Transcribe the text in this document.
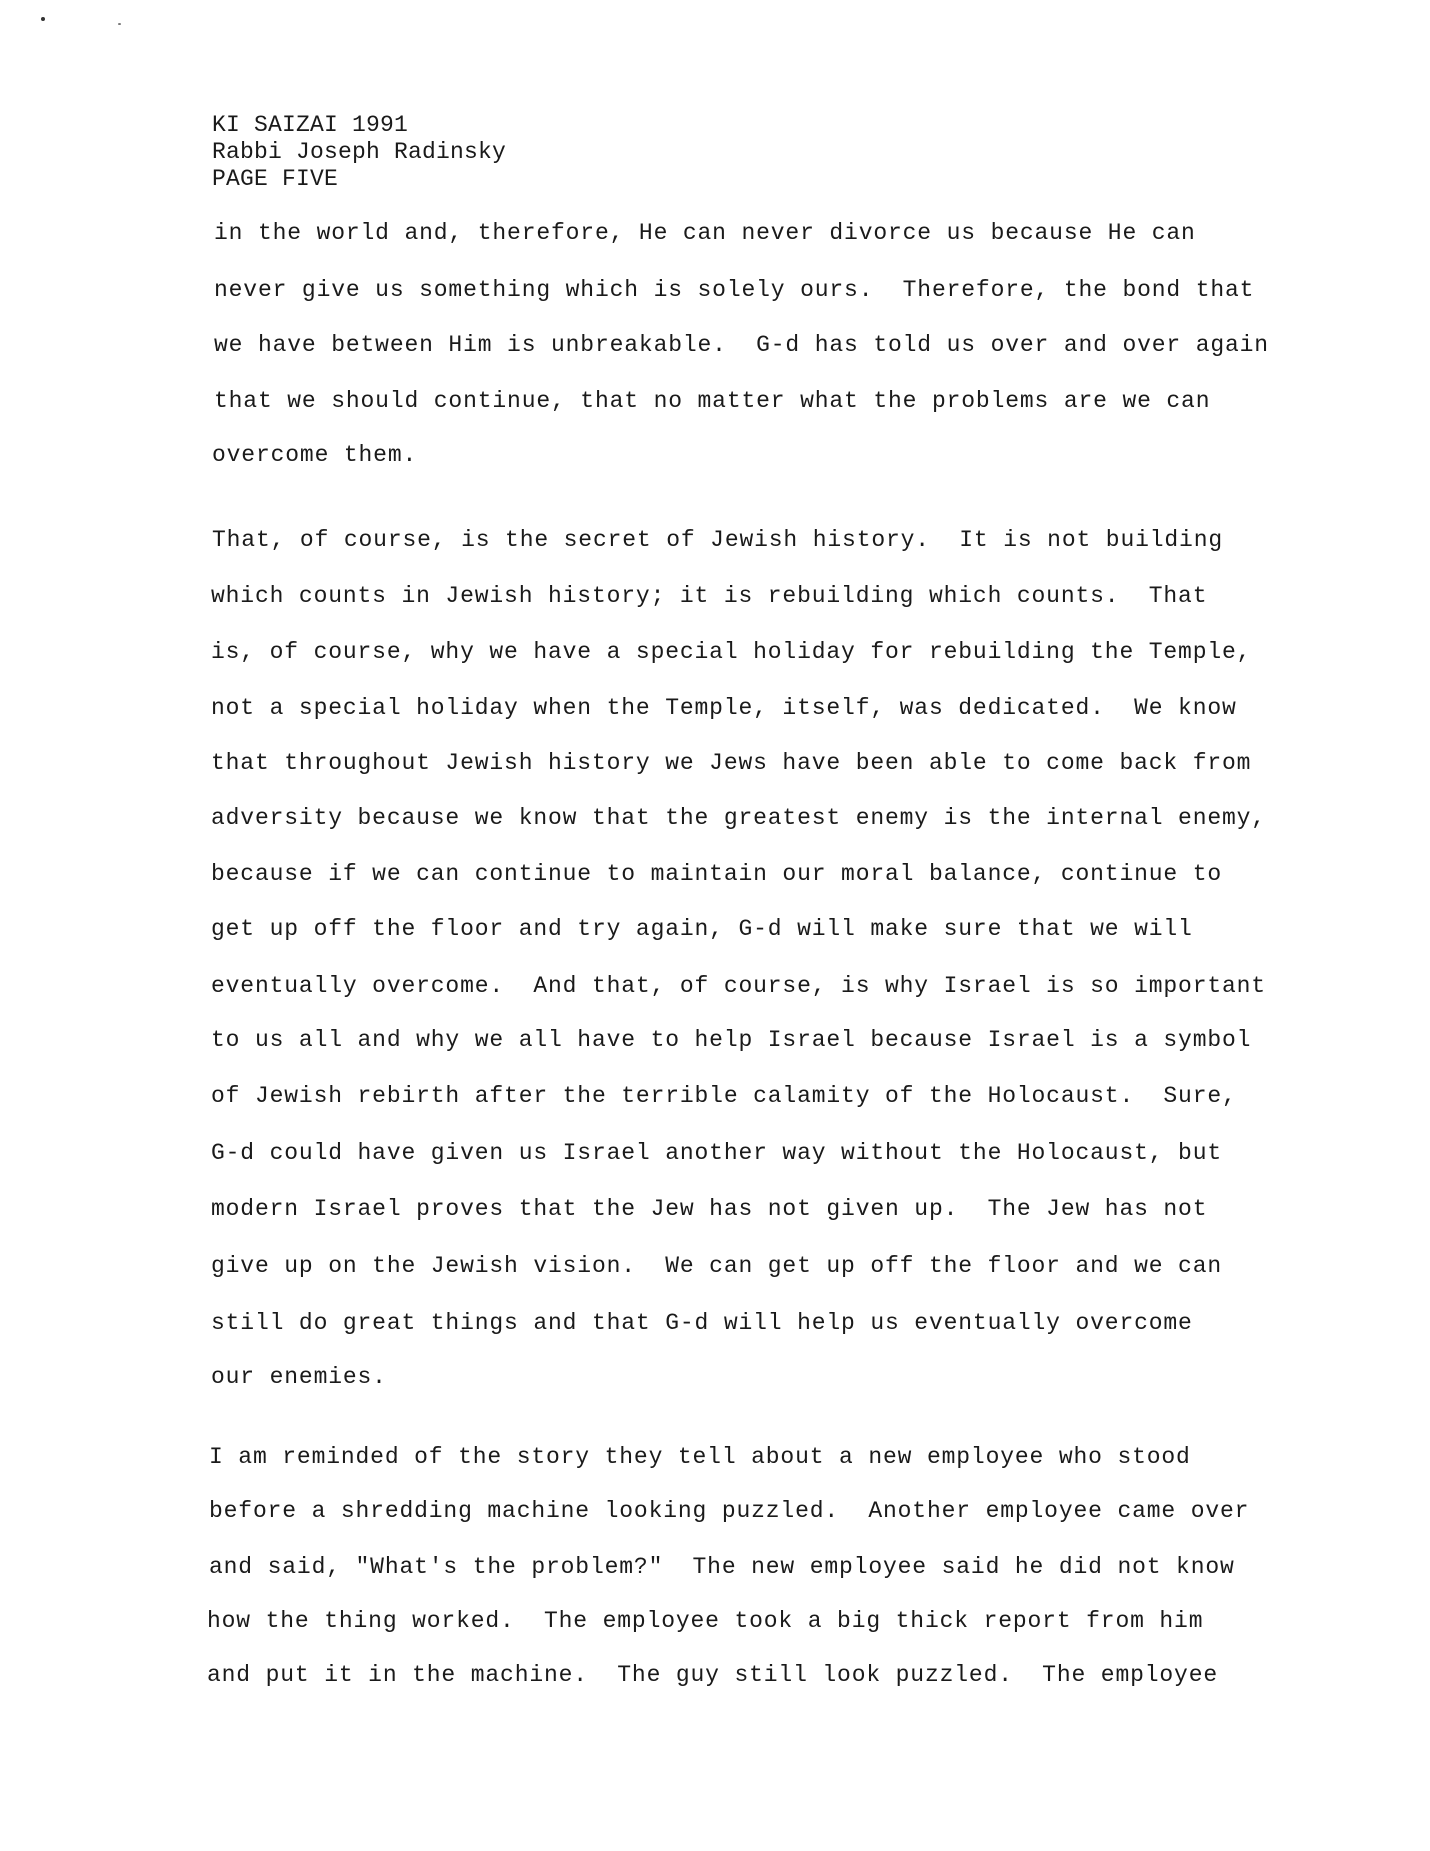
KI SAIZAI 1991
Rabbi Joseph Radinsky
PAGE FIVE
in the world and, therefore, He can never divorce us because He can
never give us something which is solely ours.  Therefore, the bond that
we have between Him is unbreakable.  G-d has told us over and over again
that we should continue, that no matter what the problems are we can
overcome them.
That, of course, is the secret of Jewish history.  It is not building
which counts in Jewish history; it is rebuilding which counts.  That
is, of course, why we have a special holiday for rebuilding the Temple,
not a special holiday when the Temple, itself, was dedicated.  We know
that throughout Jewish history we Jews have been able to come back from
adversity because we know that the greatest enemy is the internal enemy,
because if we can continue to maintain our moral balance, continue to
get up off the floor and try again, G-d will make sure that we will
eventually overcome.  And that, of course, is why Israel is so important
to us all and why we all have to help Israel because Israel is a symbol
of Jewish rebirth after the terrible calamity of the Holocaust.  Sure,
G-d could have given us Israel another way without the Holocaust, but
modern Israel proves that the Jew has not given up.  The Jew has not
give up on the Jewish vision.  We can get up off the floor and we can
still do great things and that G-d will help us eventually overcome
our enemies.
I am reminded of the story they tell about a new employee who stood
before a shredding machine looking puzzled.  Another employee came over
and said, "What's the problem?"  The new employee said he did not know
how the thing worked.  The employee took a big thick report from him
and put it in the machine.  The guy still look puzzled.  The employee
